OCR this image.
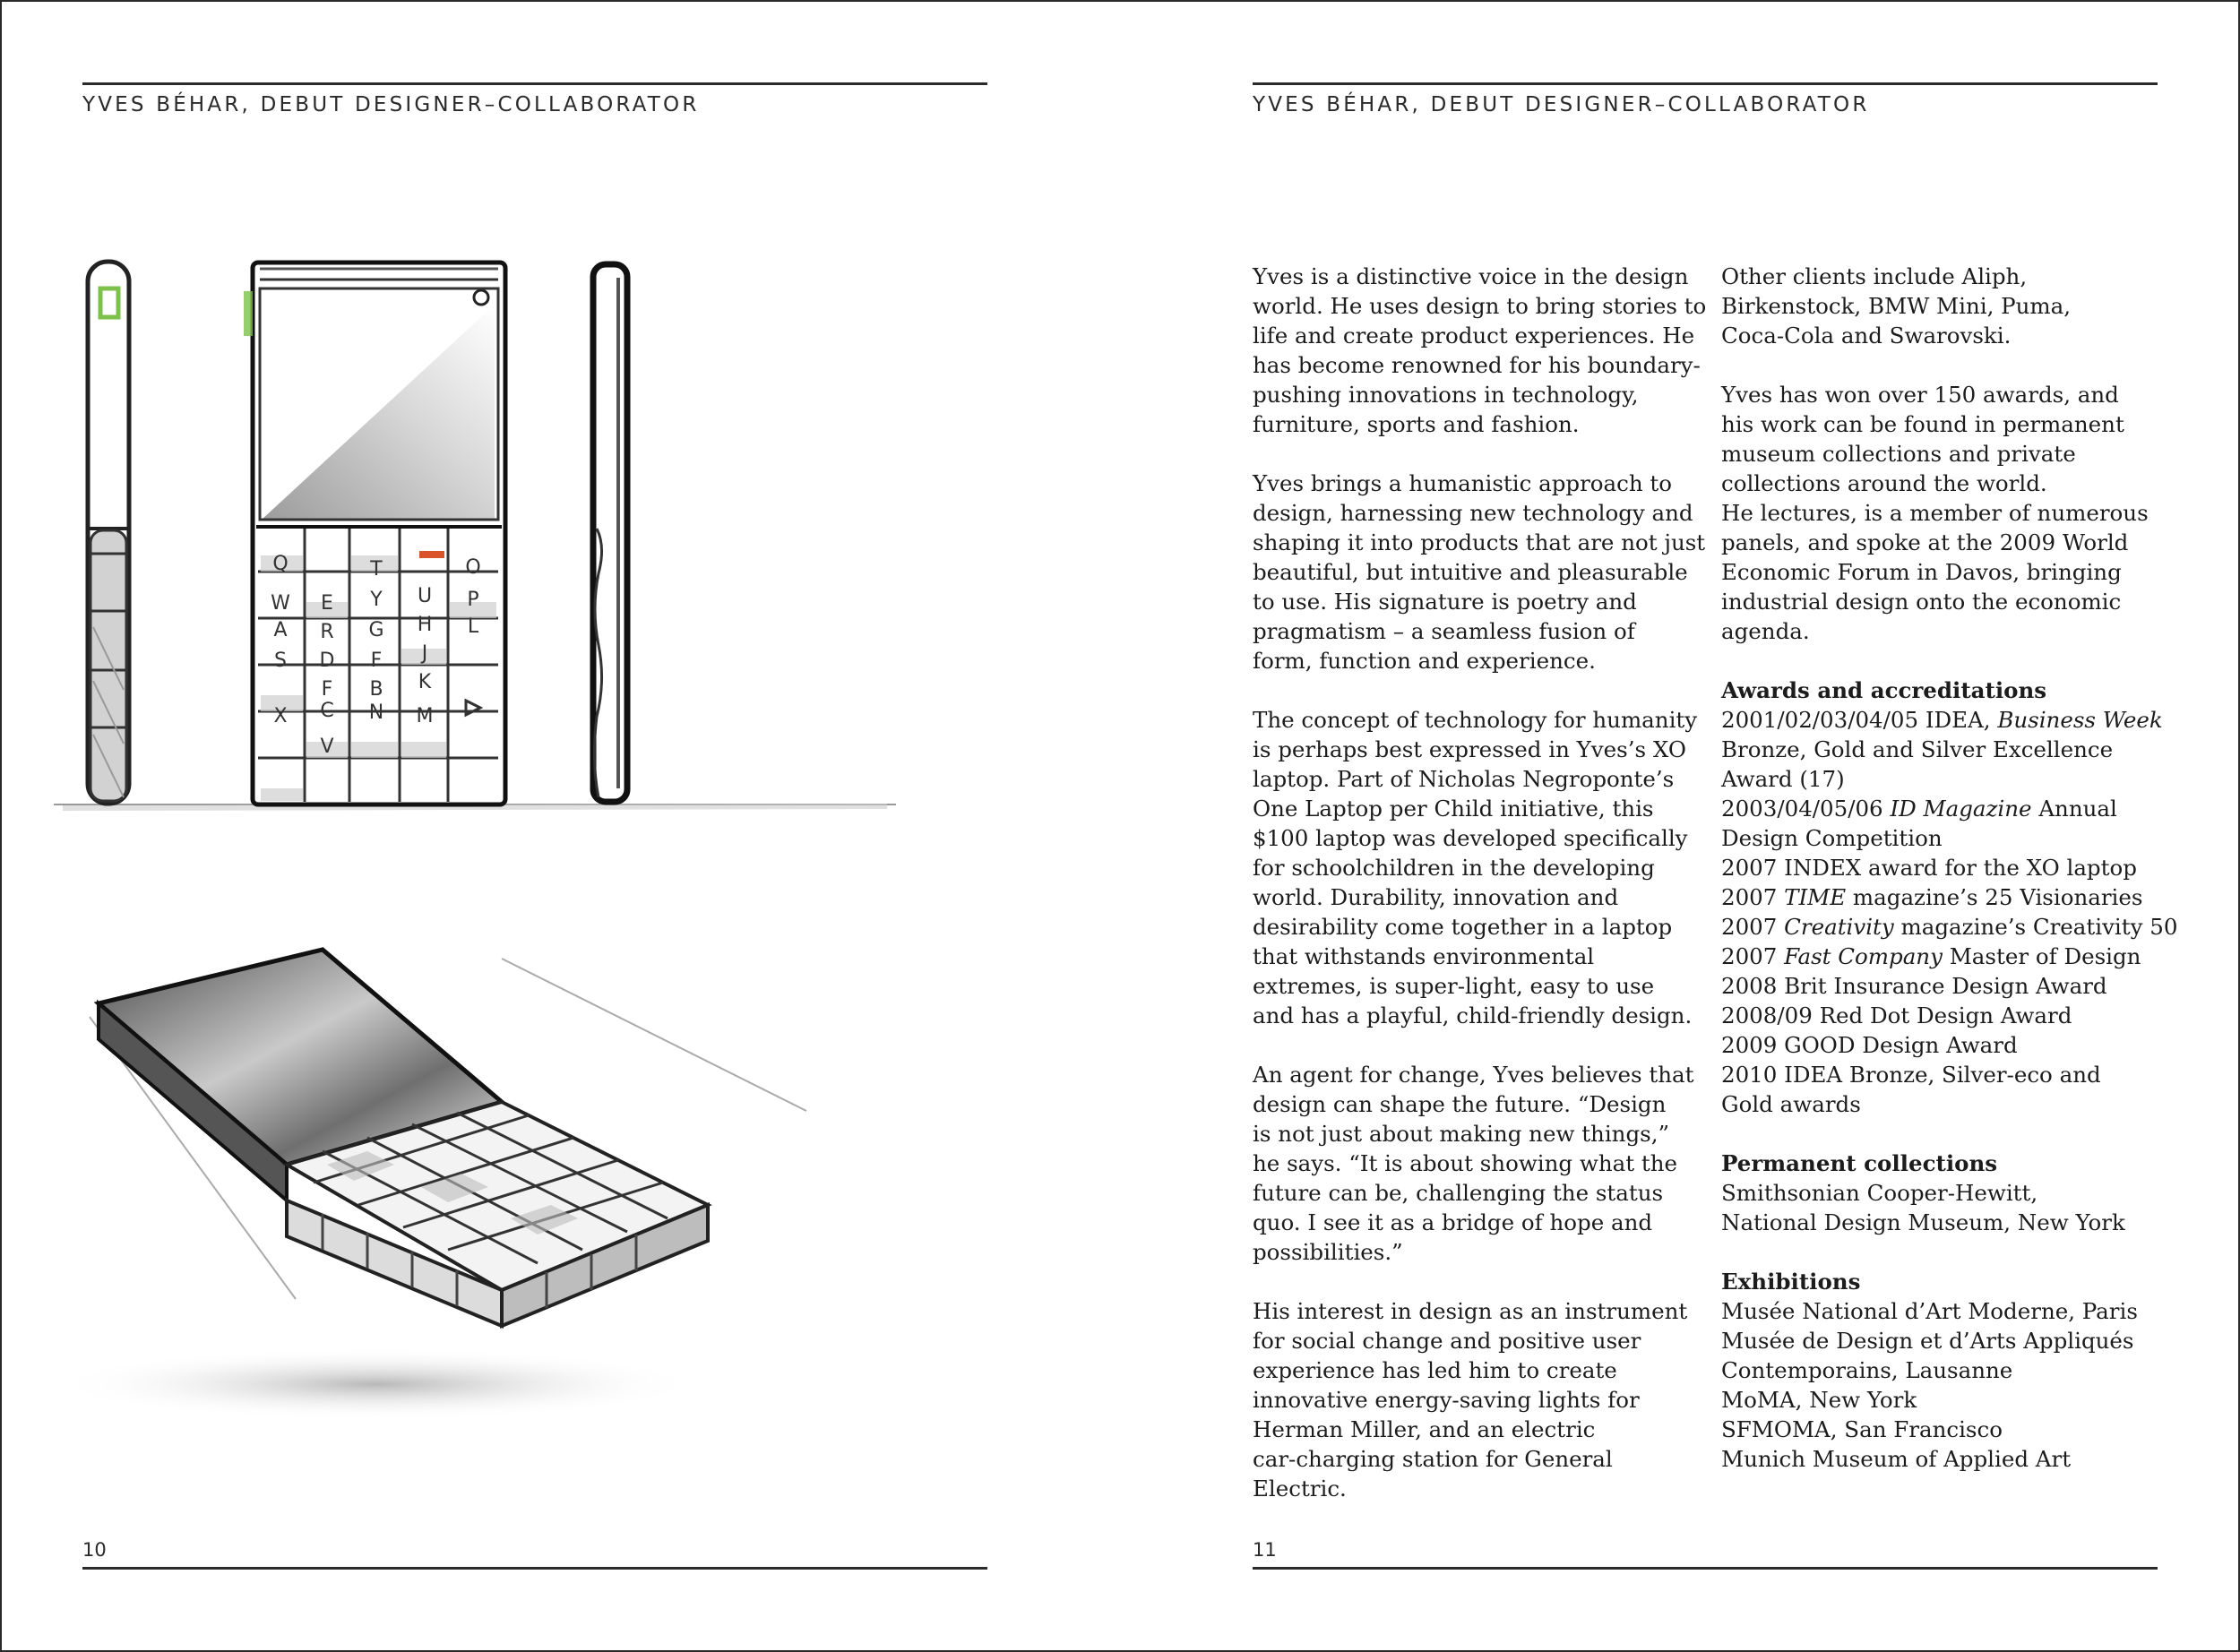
YVES BÉHAR, DEBUT DESIGNER–COLLABORATOR
Q
W
A
S
X
E
R
D
F
C
V
T
Y
G
F
B
N
U
H
J
K
M
O
P
L
10
YVES BÉHAR, DEBUT DESIGNER–COLLABORATOR

Yves is a distinctive voice in the design
world. He uses design to bring stories to
life and create product experiences. He
has become renowned for his boundary-
pushing innovations in technology,
furniture, sports and fashion.

Yves brings a humanistic approach to
design, harnessing new technology and
shaping it into products that are not just
beautiful, but intuitive and pleasurable
to use. His signature is poetry and
pragmatism – a seamless fusion of
form, function and experience.

The concept of technology for humanity
is perhaps best expressed in Yves’s XO
laptop. Part of Nicholas Negroponte’s
One Laptop per Child initiative, this
$100 laptop was developed specifically
for schoolchildren in the developing
world. Durability, innovation and
desirability come together in a laptop
that withstands environmental
extremes, is super-light, easy to use
and has a playful, child-friendly design.

An agent for change, Yves believes that
design can shape the future. “Design
is not just about making new things,”
he says. “It is about showing what the
future can be, challenging the status
quo. I see it as a bridge of hope and
possibilities.”

His interest in design as an instrument
for social change and positive user
experience has led him to create
innovative energy-saving lights for
Herman Miller, and an electric
car-charging station for General Electric.

Other clients include Aliph,
Birkenstock, BMW Mini, Puma,
Coca-Cola and Swarovski.

Yves has won over 150 awards, and
his work can be found in permanent
museum collections and private
collections around the world.
He lectures, is a member of numerous
panels, and spoke at the 2009 World
Economic Forum in Davos, bringing
industrial design onto the economic
agenda.

Awards and accreditations
2001/02/03/04/05 IDEA, Business Week
Bronze, Gold and Silver Excellence
Award (17)
2003/04/05/06 ID Magazine Annual
Design Competition
2007 INDEX award for the XO laptop
2007 TIME magazine’s 25 Visionaries
2007 Creativity magazine’s Creativity 50
2007 Fast Company Master of Design
2008 Brit Insurance Design Award
2008/09 Red Dot Design Award
2009 GOOD Design Award
2010 IDEA Bronze, Silver-eco and
Gold awards
Permanent collections
Smithsonian Cooper-Hewitt,
National Design Museum, New York
Exhibitions
Musée National d’Art Moderne, Paris
Musée de Design et d’Arts Appliqués
Contemporains, Lausanne
MoMA, New York
SFMOMA, San Francisco
Munich Museum of Applied Art
11
